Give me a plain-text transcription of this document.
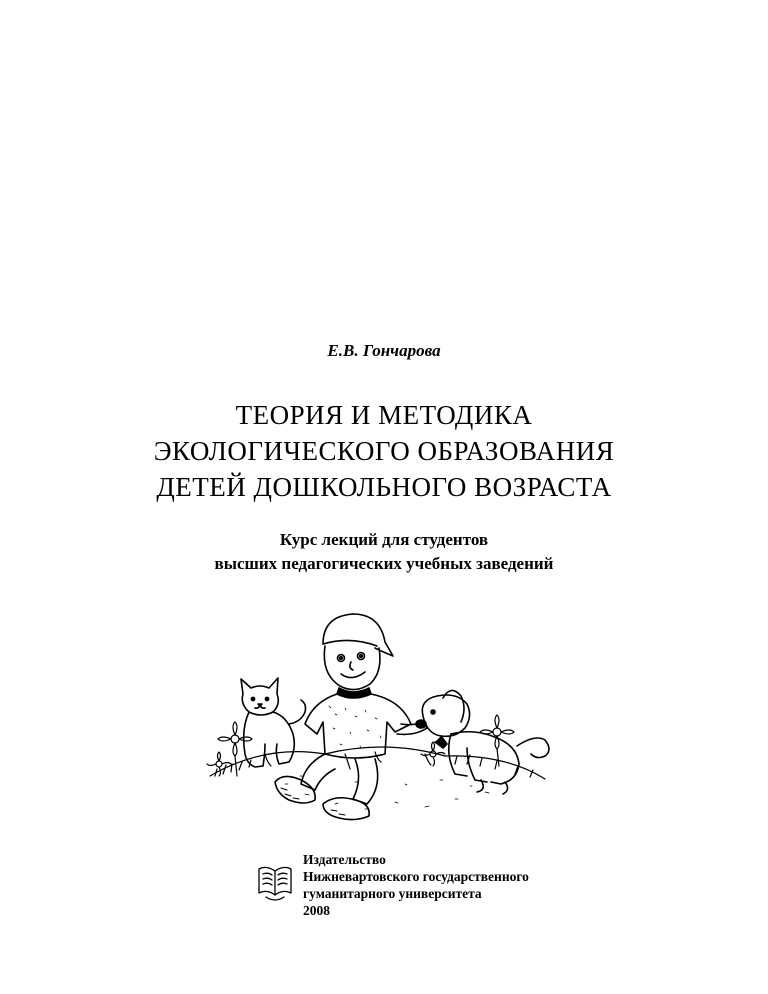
Е.В. Гончарова
ТЕОРИЯ И МЕТОДИКА
ЭКОЛОГИЧЕСКОГО ОБРАЗОВАНИЯ
ДЕТЕЙ ДОШКОЛЬНОГО ВОЗРАСТА
Курс лекций для студентов
высших педагогических учебных заведений
Издательство
Нижневартовского государственного
гуманитарного университета
2008
